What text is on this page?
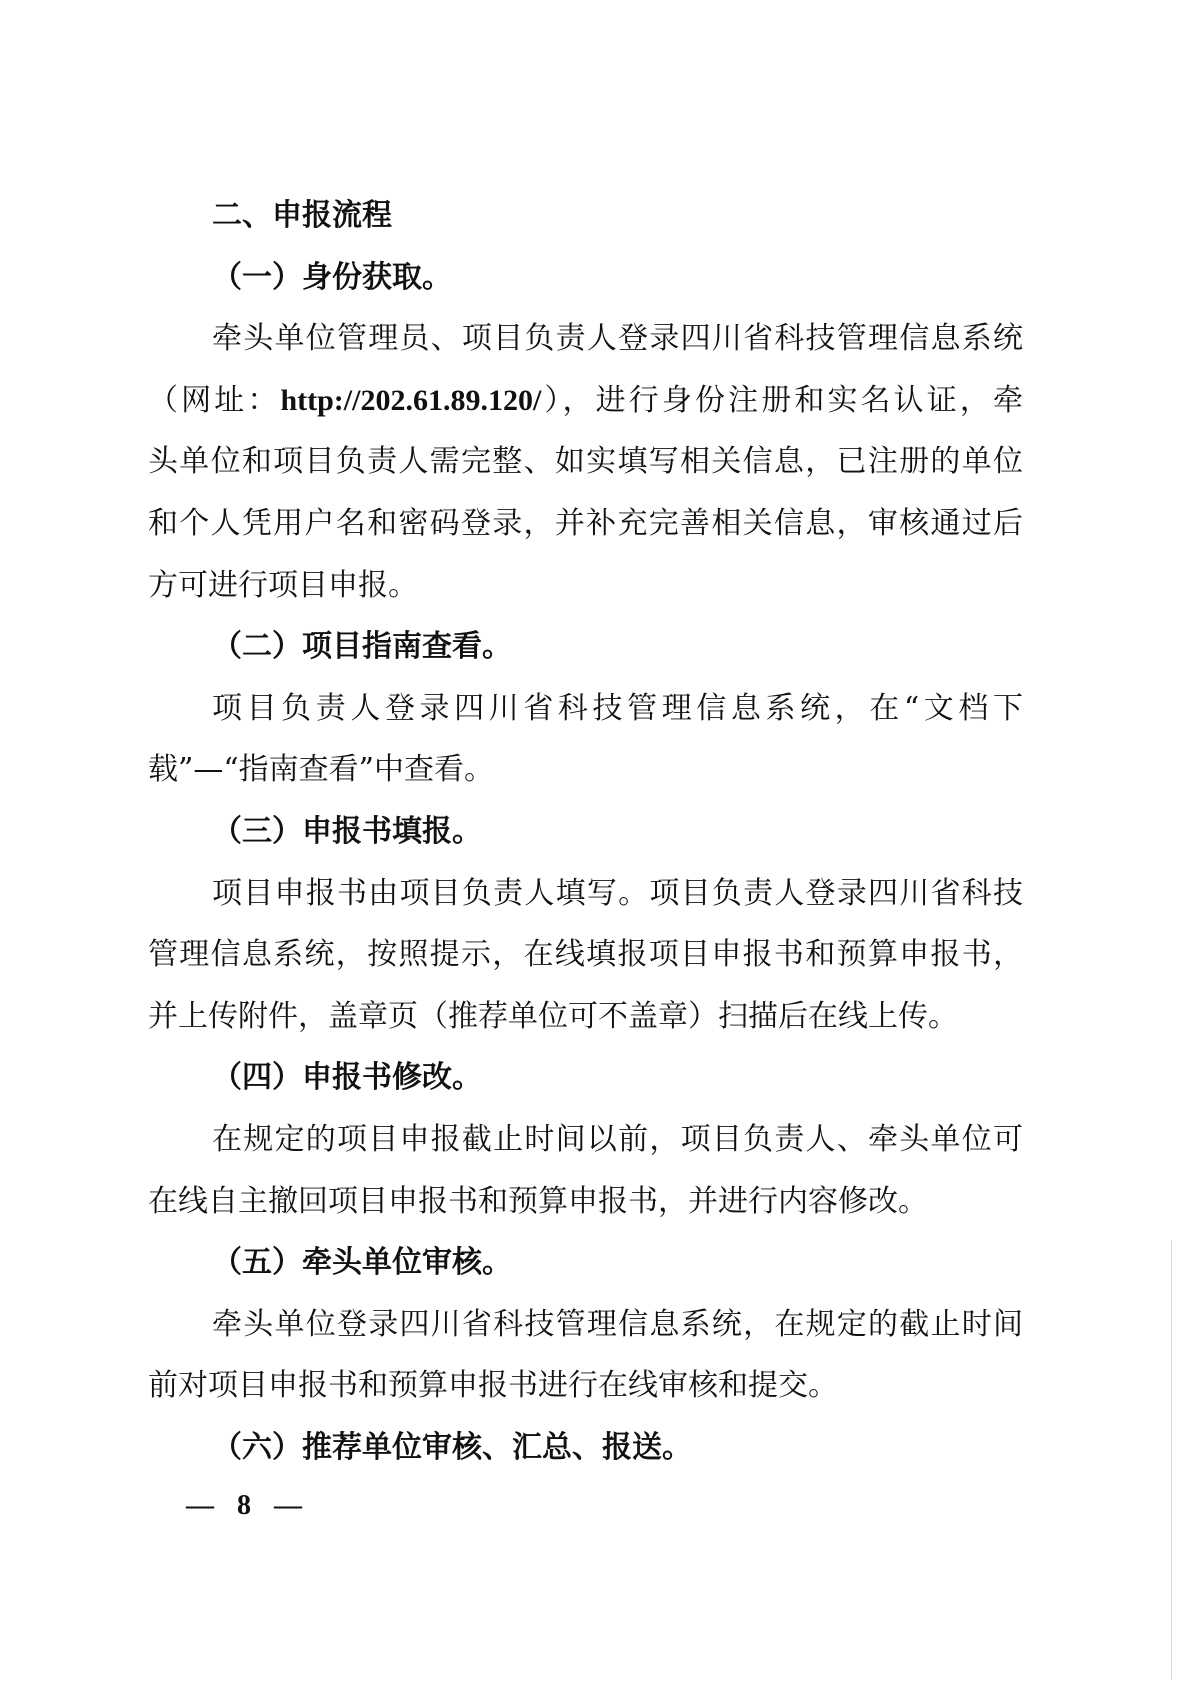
二、申报流程
（一）身份获取。
牵头单位管理员、项目负责人登录四川省科技管理信息系统
（网址：http://202.61.89.120/），进行身份注册和实名认证，牵
头单位和项目负责人需完整、如实填写相关信息，已注册的单位
和个人凭用户名和密码登录，并补充完善相关信息，审核通过后
方可进行项目申报。
（二）项目指南查看。
项目负责人登录四川省科技管理信息系统，在“文档下
载”—“指南查看”中查看。
（三）申报书填报。
项目申报书由项目负责人填写。项目负责人登录四川省科技
管理信息系统，按照提示，在线填报项目申报书和预算申报书，
并上传附件，盖章页（推荐单位可不盖章）扫描后在线上传。
（四）申报书修改。
在规定的项目申报截止时间以前，项目负责人、牵头单位可
在线自主撤回项目申报书和预算申报书，并进行内容修改。
（五）牵头单位审核。
牵头单位登录四川省科技管理信息系统，在规定的截止时间
前对项目申报书和预算申报书进行在线审核和提交。
（六）推荐单位审核、汇总、报送。
— 8 —
